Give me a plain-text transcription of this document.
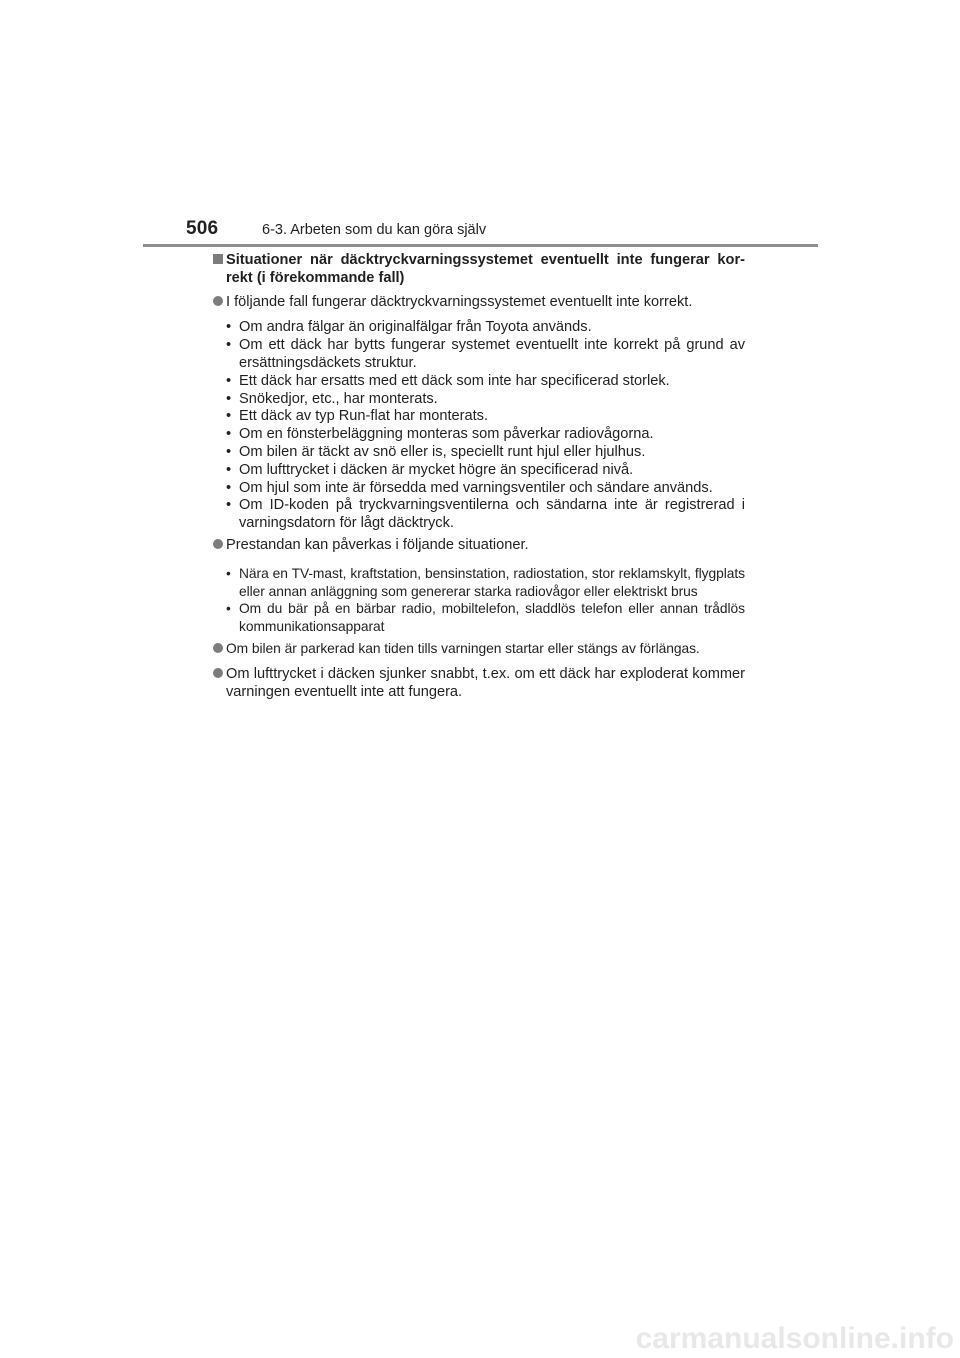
506	6-3. Arbeten som du kan göra själv
Situationer när däcktryckvarningssystemet eventuellt inte fungerar kor-rekt (i förekommande fall)
I följande fall fungerar däcktryckvarningssystemet eventuellt inte korrekt.
• Om andra fälgar än originalfälgar från Toyota används.
• Om ett däck har bytts fungerar systemet eventuellt inte korrekt på grund av ersättningsdäckets struktur.
• Ett däck har ersatts med ett däck som inte har specificerad storlek.
• Snökedjor, etc., har monterats.
• Ett däck av typ Run-flat har monterats.
• Om en fönsterbeläggning monteras som påverkar radiovågorna.
• Om bilen är täckt av snö eller is, speciellt runt hjul eller hjulhus.
• Om lufttrycket i däcken är mycket högre än specificerad nivå.
• Om hjul som inte är försedda med varningsventiler och sändare används.
• Om ID-koden på tryckvarningsventilerna och sändarna inte är registrerad i varningsdatorn för lågt däcktryck.
Prestandan kan påverkas i följande situationer.
• Nära en TV-mast, kraftstation, bensinstation, radiostation, stor reklamskylt, flygplats eller annan anläggning som genererar starka radiovågor eller elektriskt brus
• Om du bär på en bärbar radio, mobiltelefon, sladdlös telefon eller annan trådlös kommunikationsapparat
Om bilen är parkerad kan tiden tills varningen startar eller stängs av förlängas.
Om lufttrycket i däcken sjunker snabbt, t.ex. om ett däck har exploderat kommer varningen eventuellt inte att fungera.
carmanualsonline.info
